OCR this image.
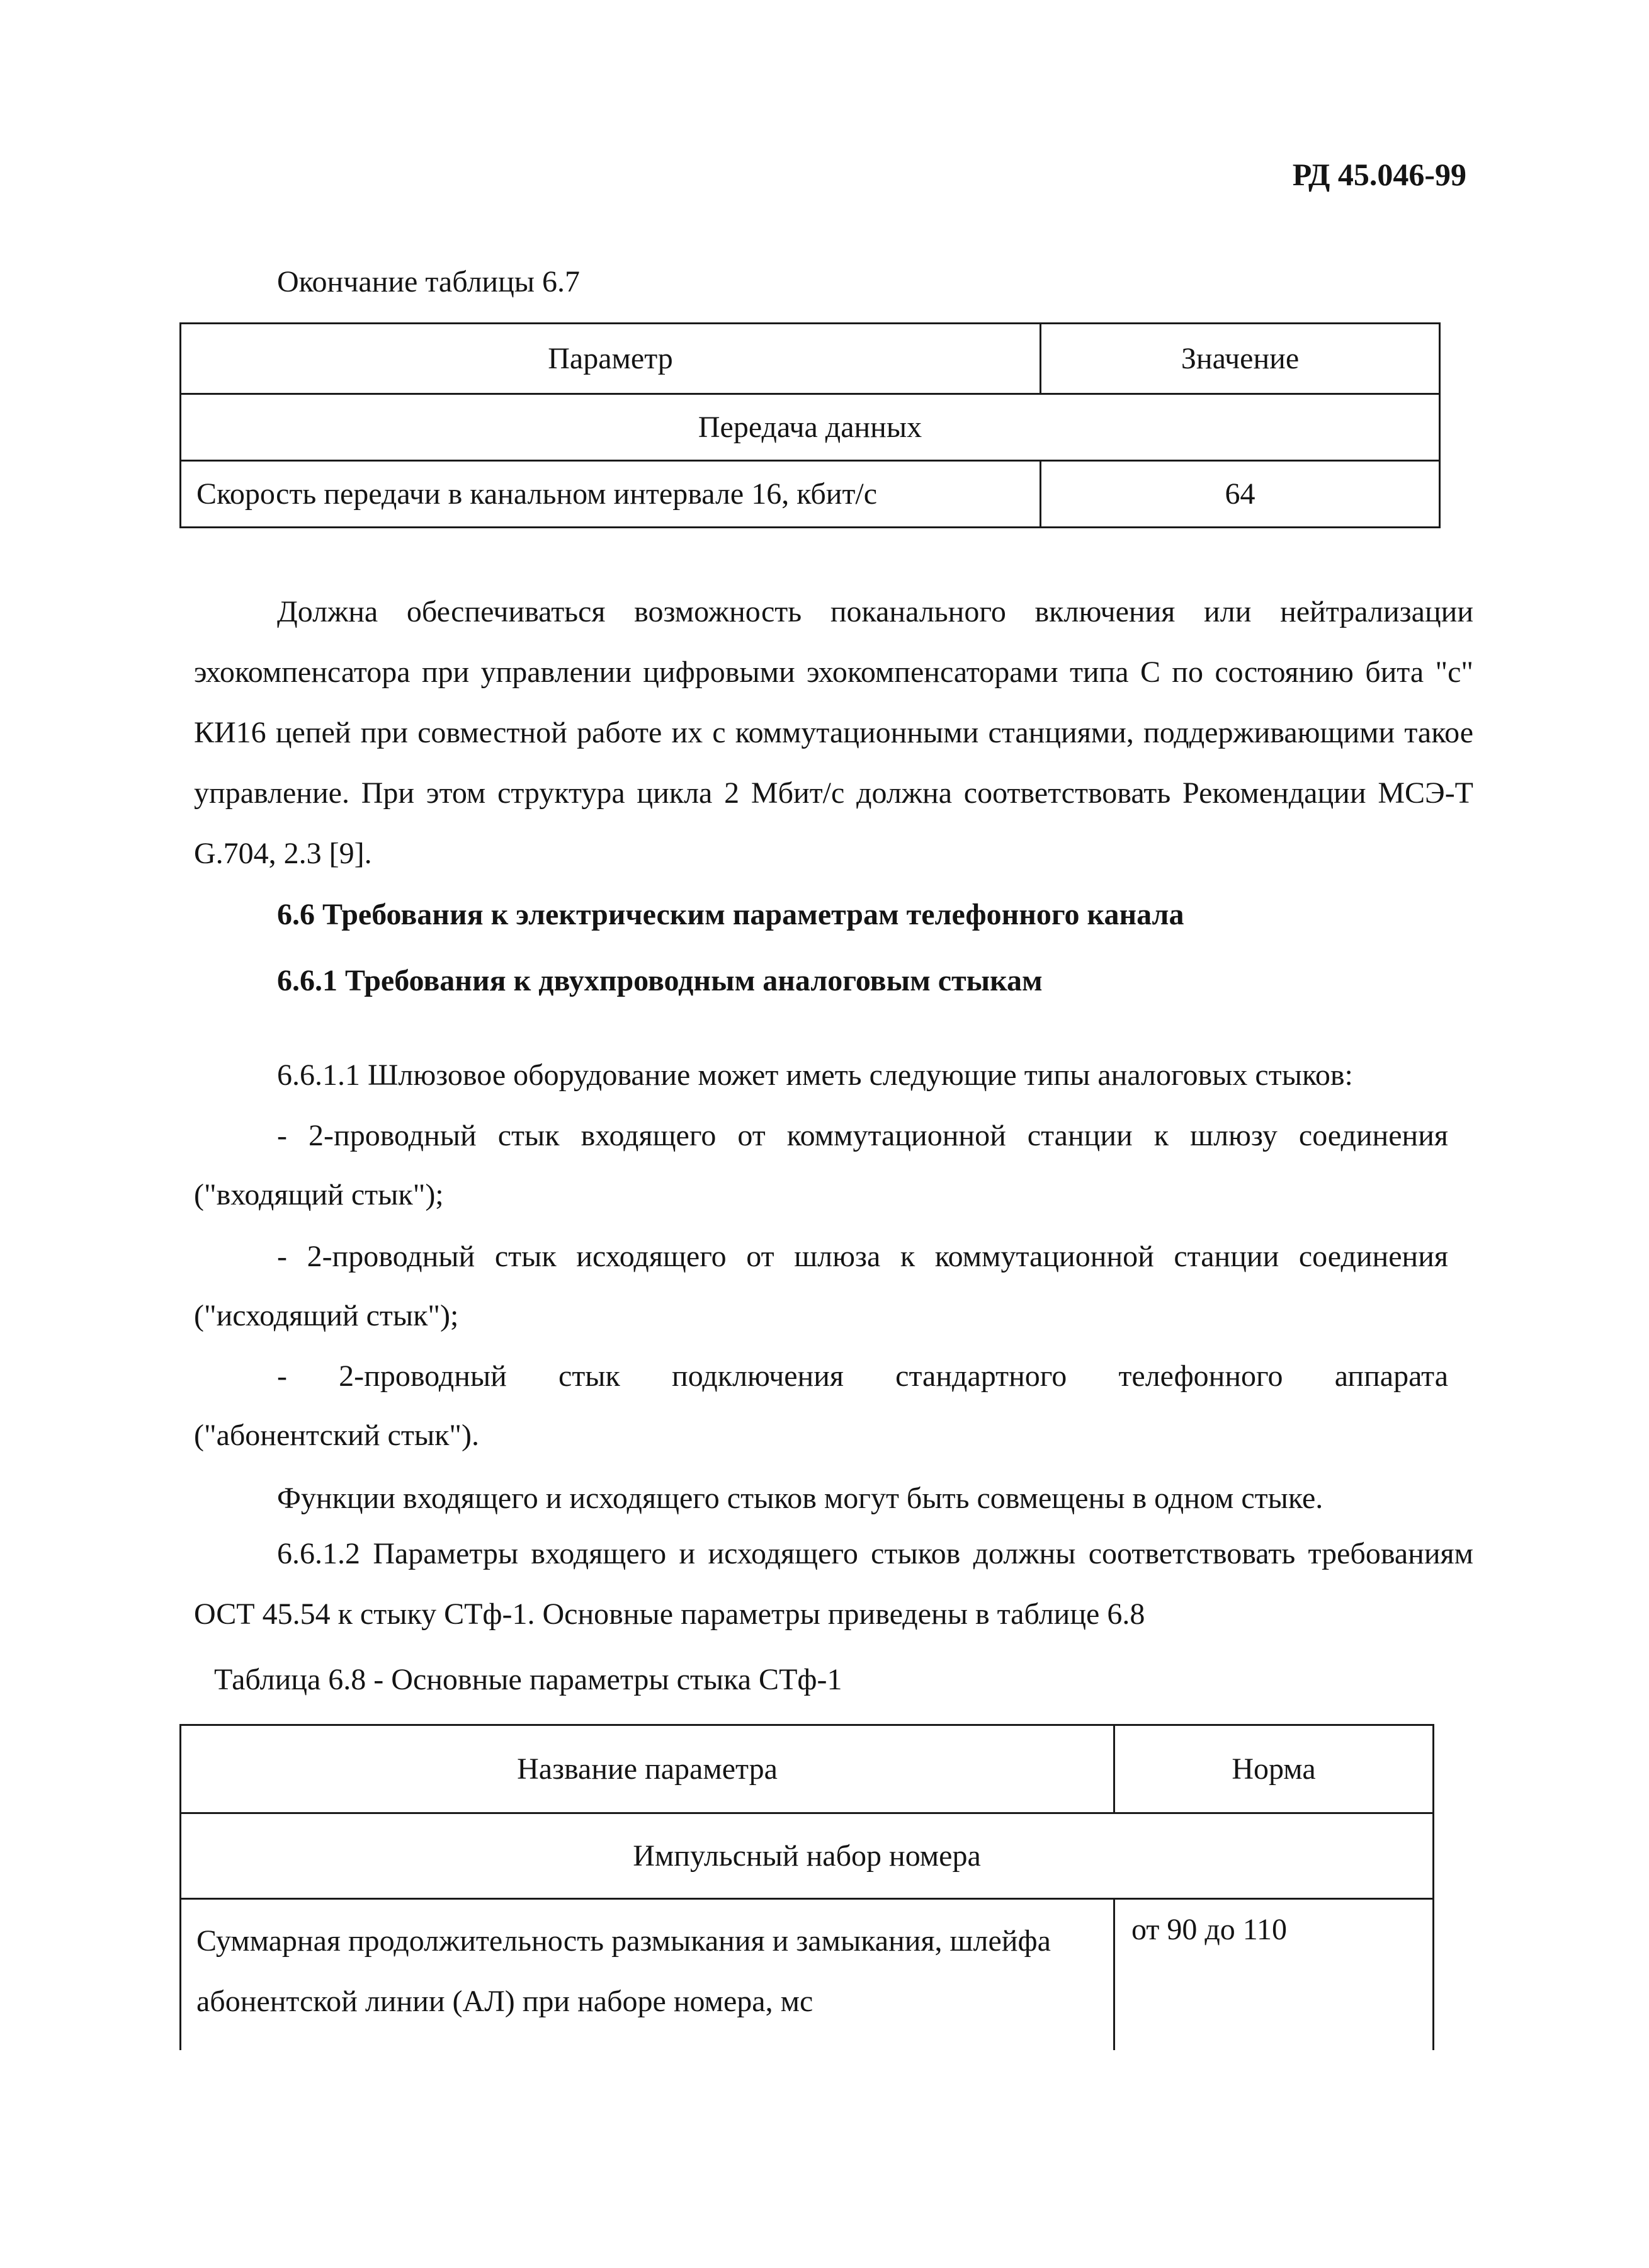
РД 45.046-99
Окончание таблицы 6.7
Параметр	Значение
Передача данных	
Скорость передачи в канальном интервале 16, кбит/с	64

Должна обеспечиваться возможность поканального включения или нейтрализации эхокомпенсатора при управлении цифровыми эхокомпенсаторами типа С по состоянию бита "с" КИ16 цепей при совместной работе их с коммутационными станциями, поддерживающими такое управление. При этом структура цикла 2 Мбит/с должна соответствовать Рекомендации МСЭ-Т G.704, 2.3 [9].

6.6 Требования к электрическим параметрам телефонного канала
6.6.1 Требования к двухпроводным аналоговым стыкам
6.6.1.1 Шлюзовое оборудование может иметь следующие типы аналоговых стыков:
- 2-проводный стык входящего от коммутационной станции к шлюзу соединения
("входящий стык");
- 2-проводный стык исходящего от шлюза к коммутационной станции соединения
("исходящий стык");
- 2-проводный стык подключения стандартного телефонного аппарата
("абонентский стык").
Функции входящего и исходящего стыков могут быть совмещены в одном стыке.

6.6.1.2 Параметры входящего и исходящего стыков должны соответствовать требованиям ОСТ 45.54 к стыку СТф-1. Основные параметры приведены в таблице 6.8

Таблица 6.8 - Основные параметры стыка СТф-1
Название параметра	Норма
Импульсный набор номера	
Суммарная продолжительность размыкания и замыкания, шлейфа абонентской линии (АЛ) при наборе номера, мс	от 90 до 110
